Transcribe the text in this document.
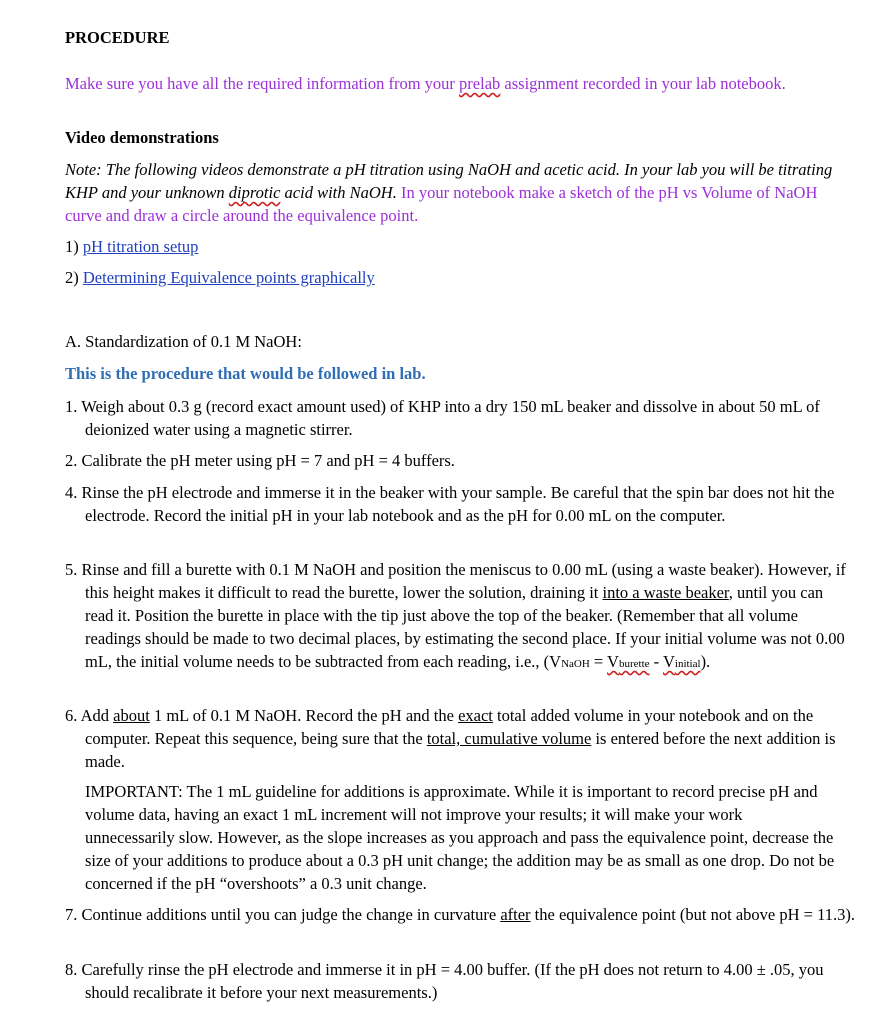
PROCEDURE

Make sure you have all the required information from your prelab assignment recorded in your lab notebook.

Video demonstrations

Note: The following videos demonstrate a pH titration using NaOH and acetic acid. In your lab you will be titrating KHP and your unknown diprotic acid with NaOH. In your notebook make a sketch of the pH vs Volume of NaOH curve and draw a circle around the equivalence point.

1) pH titration setup

2) Determining Equivalence points graphically

A. Standardization of 0.1 M NaOH:

This is the procedure that would be followed in lab.

1. Weigh about 0.3 g (record exact amount used) of KHP into a dry 150 mL beaker and dissolve in about 50 mL of deionized water using a magnetic stirrer.

2. Calibrate the pH meter using pH = 7 and pH = 4 buffers.

4. Rinse the pH electrode and immerse it in the beaker with your sample. Be careful that the spin bar does not hit the electrode. Record the initial pH in your lab notebook and as the pH for 0.00 mL on the computer.

5. Rinse and fill a burette with 0.1 M NaOH and position the meniscus to 0.00 mL (using a waste beaker). However, if this height makes it difficult to read the burette, lower the solution, draining it into a waste beaker, until you can read it. Position the burette in place with the tip just above the top of the beaker. (Remember that all volume readings should be made to two decimal places, by estimating the second place. If your initial volume was not 0.00 mL, the initial volume needs to be subtracted from each reading, i.e., (VNaOH = Vburette - Vinitial).

6. Add about 1 mL of 0.1 M NaOH. Record the pH and the exact total added volume in your notebook and on the computer. Repeat this sequence, being sure that the total, cumulative volume is entered before the next addition is made.

IMPORTANT: The 1 mL guideline for additions is approximate. While it is important to record precise pH and volume data, having an exact 1 mL increment will not improve your results; it will make your work unnecessarily slow. However, as the slope increases as you approach and pass the equivalence point, decrease the size of your additions to produce about a 0.3 pH unit change; the addition may be as small as one drop. Do not be concerned if the pH “overshoots” a 0.3 unit change.

7. Continue additions until you can judge the change in curvature after the equivalence point (but not above pH = 11.3).

8. Carefully rinse the pH electrode and immerse it in pH = 4.00 buffer. (If the pH does not return to 4.00 ± .05, you should recalibrate it before your next measurements.)
